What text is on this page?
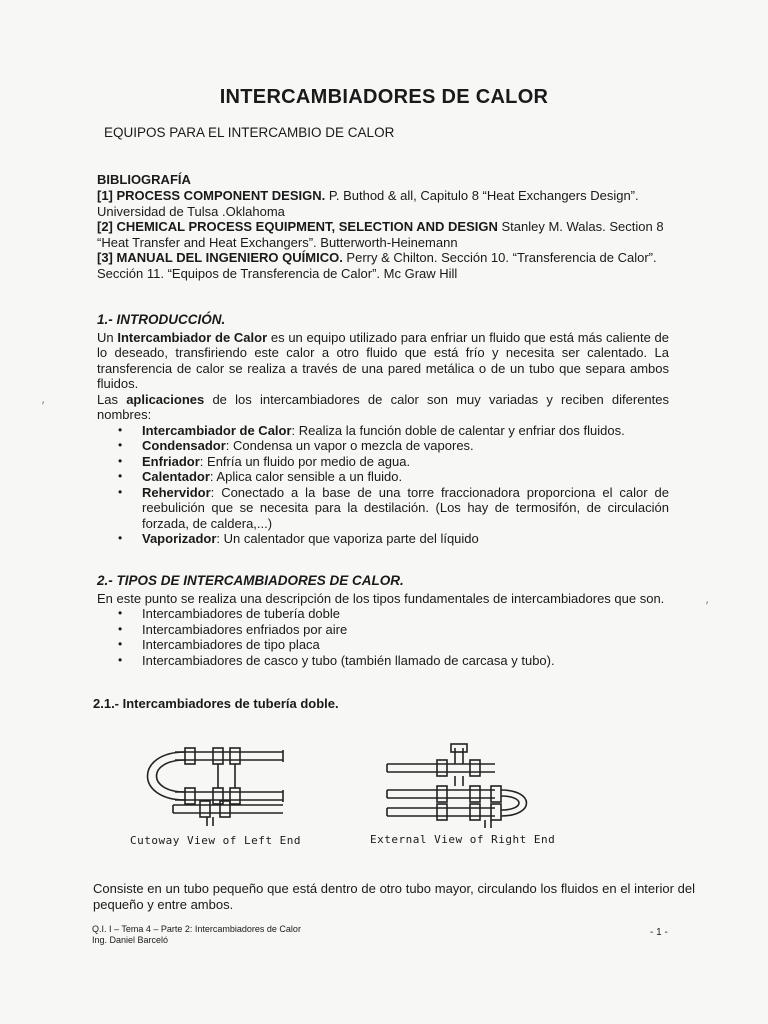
INTERCAMBIADORES DE CALOR
EQUIPOS PARA EL INTERCAMBIO DE CALOR
BIBLIOGRAFÍA

[1] PROCESS COMPONENT DESIGN. P. Buthod & all, Capitulo 8 “Heat Exchangers Design”. Universidad de Tulsa .Oklahoma

[2] CHEMICAL PROCESS EQUIPMENT, SELECTION AND DESIGN Stanley M. Walas. Section 8 “Heat Transfer and Heat Exchangers”. Butterworth-Heinemann

[3] MANUAL DEL INGENIERO QUÍMICO. Perry & Chilton. Sección 10. “Transferencia de Calor”. Sección 11. “Equipos de Transferencia de Calor”. Mc Graw Hill

1.- INTRODUCCIÓN.

Un Intercambiador de Calor es un equipo utilizado para enfriar un fluido que está más caliente de lo deseado, transfiriendo este calor a otro fluido que está frío y necesita ser calentado. La transferencia de calor se realiza a través de una pared metálica o de un tubo que separa ambos fluidos.

Las aplicaciones de los intercambiadores de calor son muy variadas y reciben diferentes nombres:

• Intercambiador de Calor: Realiza la función doble de calentar y enfriar dos fluidos.
• Condensador: Condensa un vapor o mezcla de vapores.
• Enfriador: Enfría un fluido por medio de agua.
• Calentador: Aplica calor sensible a un fluido.
• Rehervidor: Conectado a la base de una torre fraccionadora proporciona el calor de reebulición que se necesita para la destilación. (Los hay de termosifón, de circulación forzada, de caldera,...)
• Vaporizador: Un calentador que vaporiza parte del líquido
2.- TIPOS DE INTERCAMBIADORES DE CALOR.

En este punto se realiza una descripción de los tipos fundamentales de intercambiadores que son.

• Intercambiadores de tubería doble
• Intercambiadores enfriados por aire
• Intercambiadores de tipo placa
• Intercambiadores de casco y tubo (también llamado de carcasa y tubo).
2.1.- Intercambiadores de tubería doble.
Cutoway View of Left End	External View of Right End
Consiste en un tubo pequeño que está dentro de otro tubo mayor, circulando los fluidos en el interior del pequeño y entre ambos.
Q.I. I – Tema 4 – Parte 2: Intercambiadores de Calor
Ing. Daniel Barceló
- 1 -
′
′
